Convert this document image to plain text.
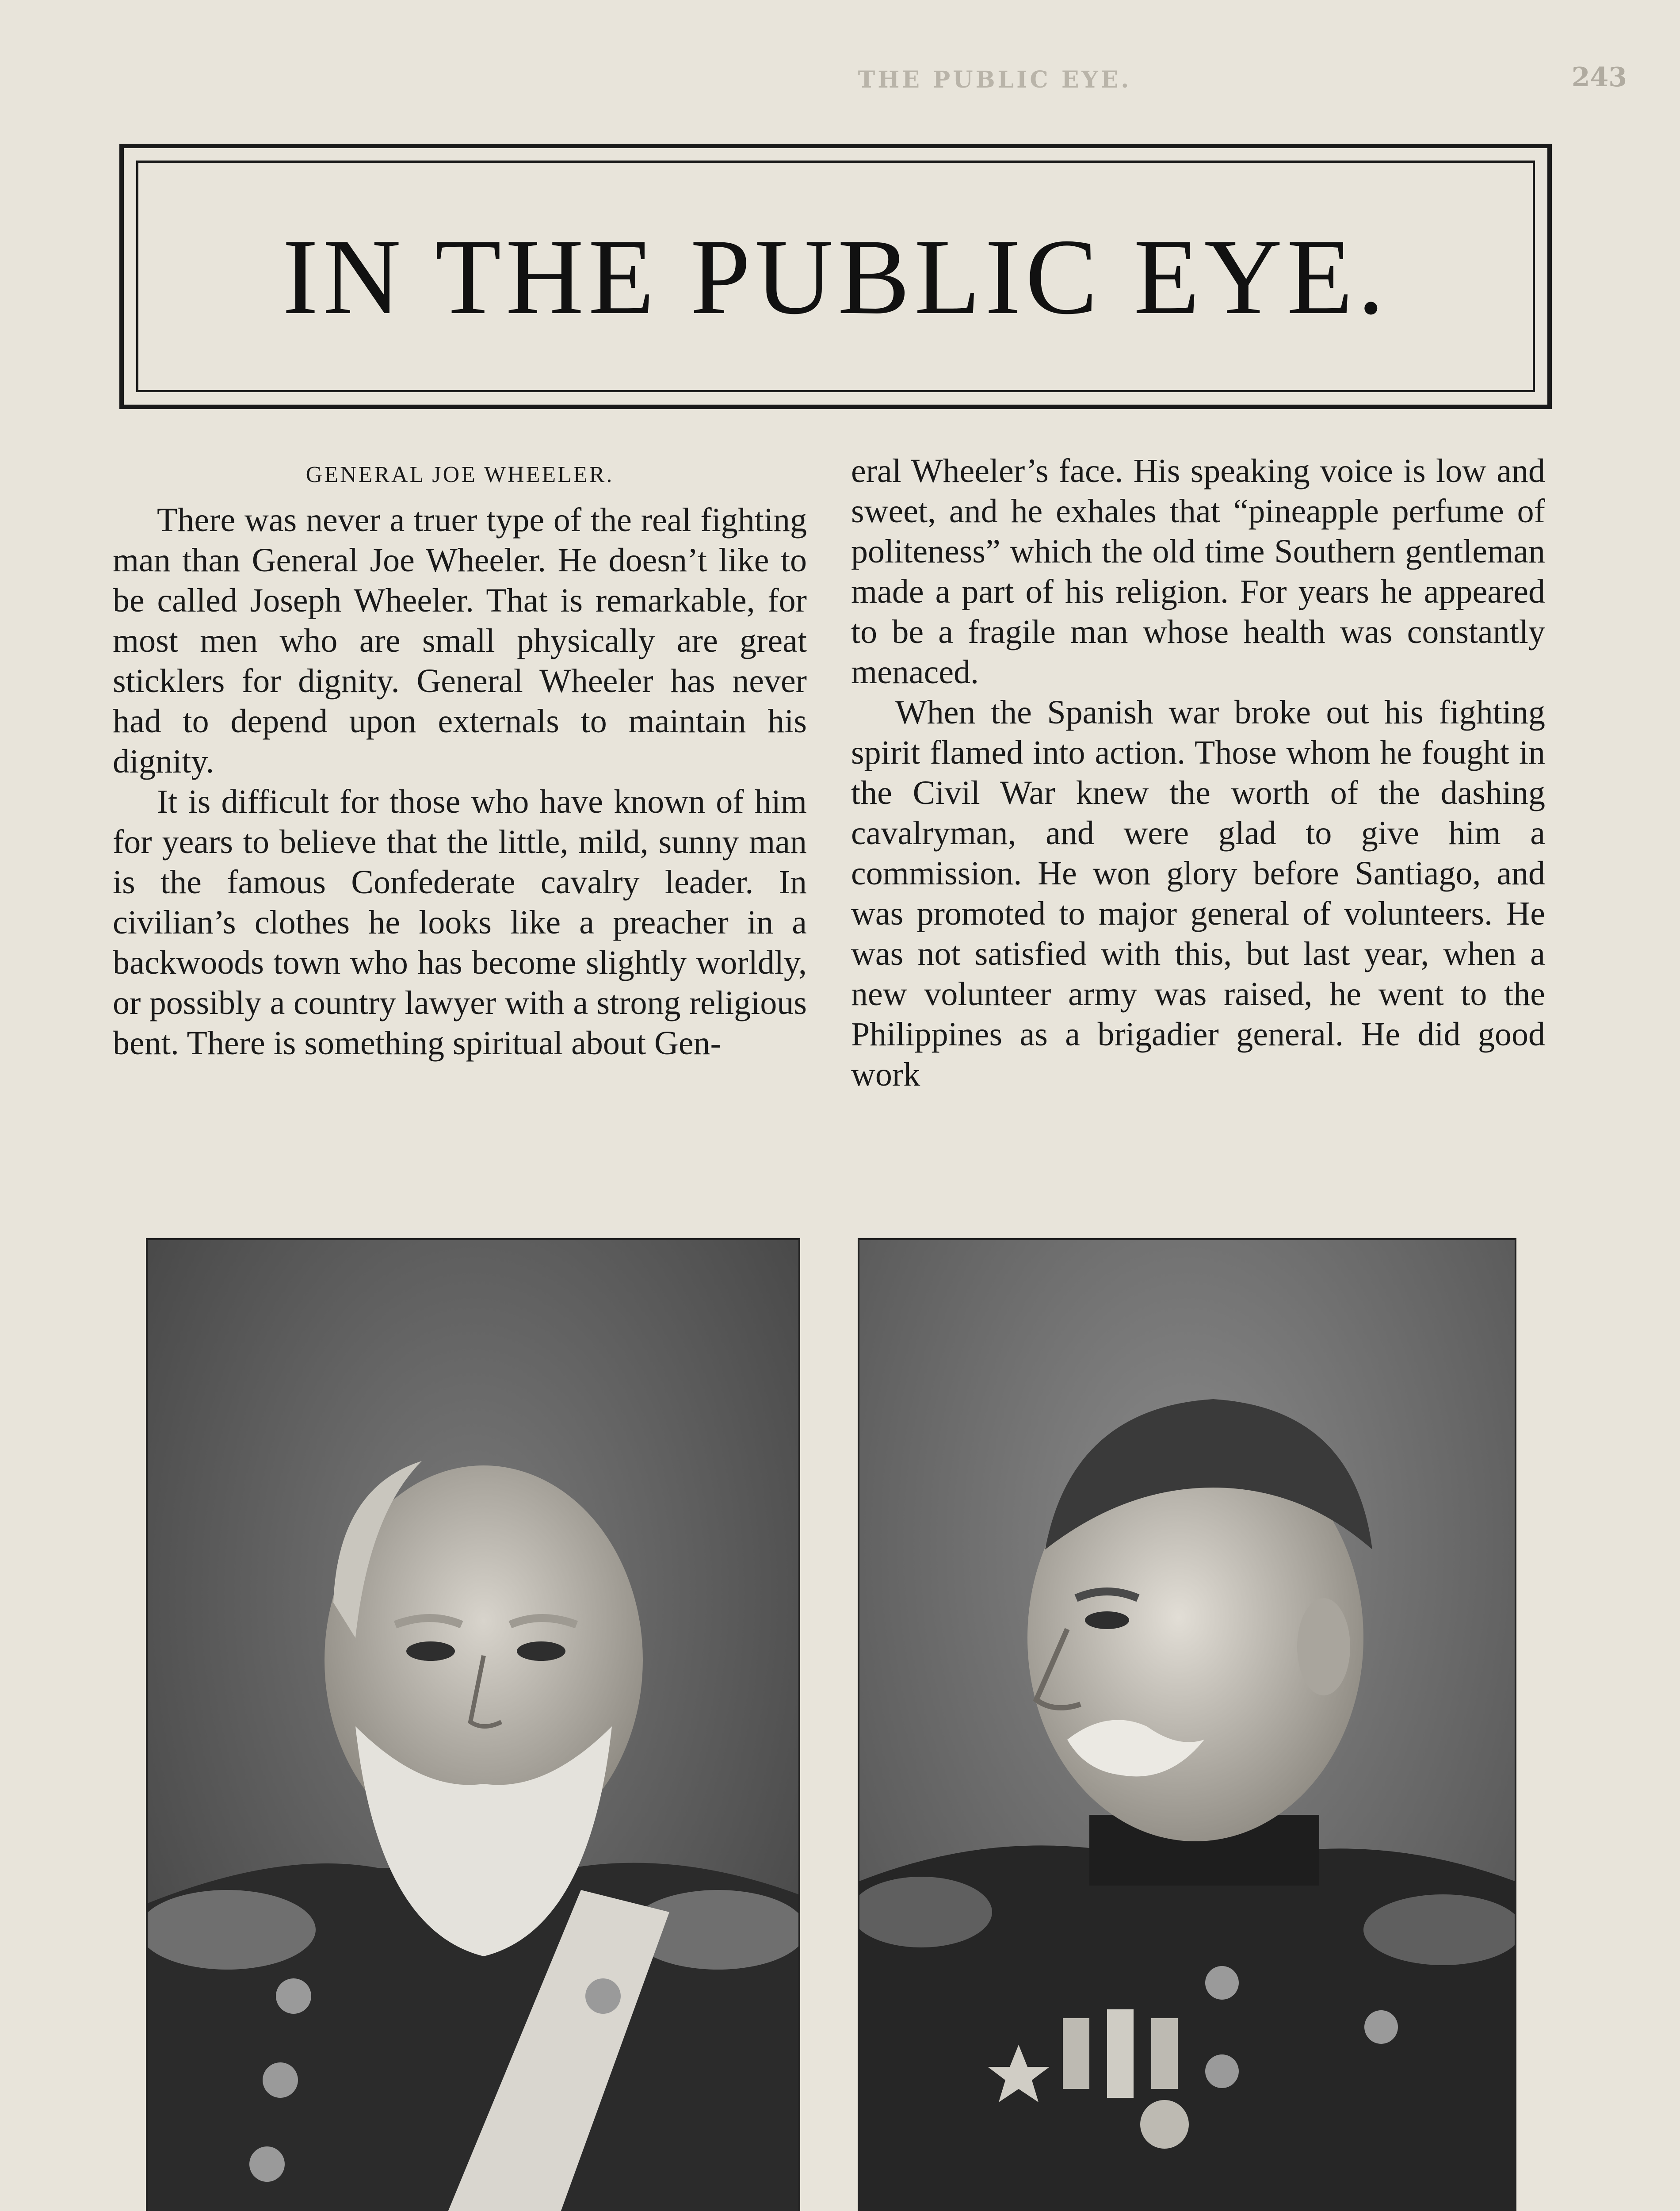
THE PUBLIC EYE.	243
IN THE PUBLIC EYE.
GENERAL JOE WHEELER.

There was never a truer type of the real fighting man than General Joe Wheeler. He doesn’t like to be called Joseph Wheeler. That is remarkable, for most men who are small physically are great sticklers for dignity. General Wheeler has never had to depend upon externals to maintain his dignity.

It is difficult for those who have known of him for years to believe that the little, mild, sunny man is the famous Confederate cavalry leader. In civilian’s clothes he looks like a preacher in a backwoods town who has become slightly worldly, or possibly a country lawyer with a strong religious bent. There is something spiritual about Gen-

eral Wheeler’s face. His speaking voice is low and sweet, and he exhales that “pineapple perfume of politeness” which the old time Southern gentleman made a part of his religion. For years he appeared to be a fragile man whose health was constantly menaced.

When the Spanish war broke out his fighting spirit flamed into action. Those whom he fought in the Civil War knew the worth of the dashing cavalryman, and were glad to give him a commission. He won glory before Santiago, and was promoted to major general of volunteers. He was not satisfied with this, but last year, when a new volunteer army was raised, he went to the Philippines as a brigadier general. He did good work
